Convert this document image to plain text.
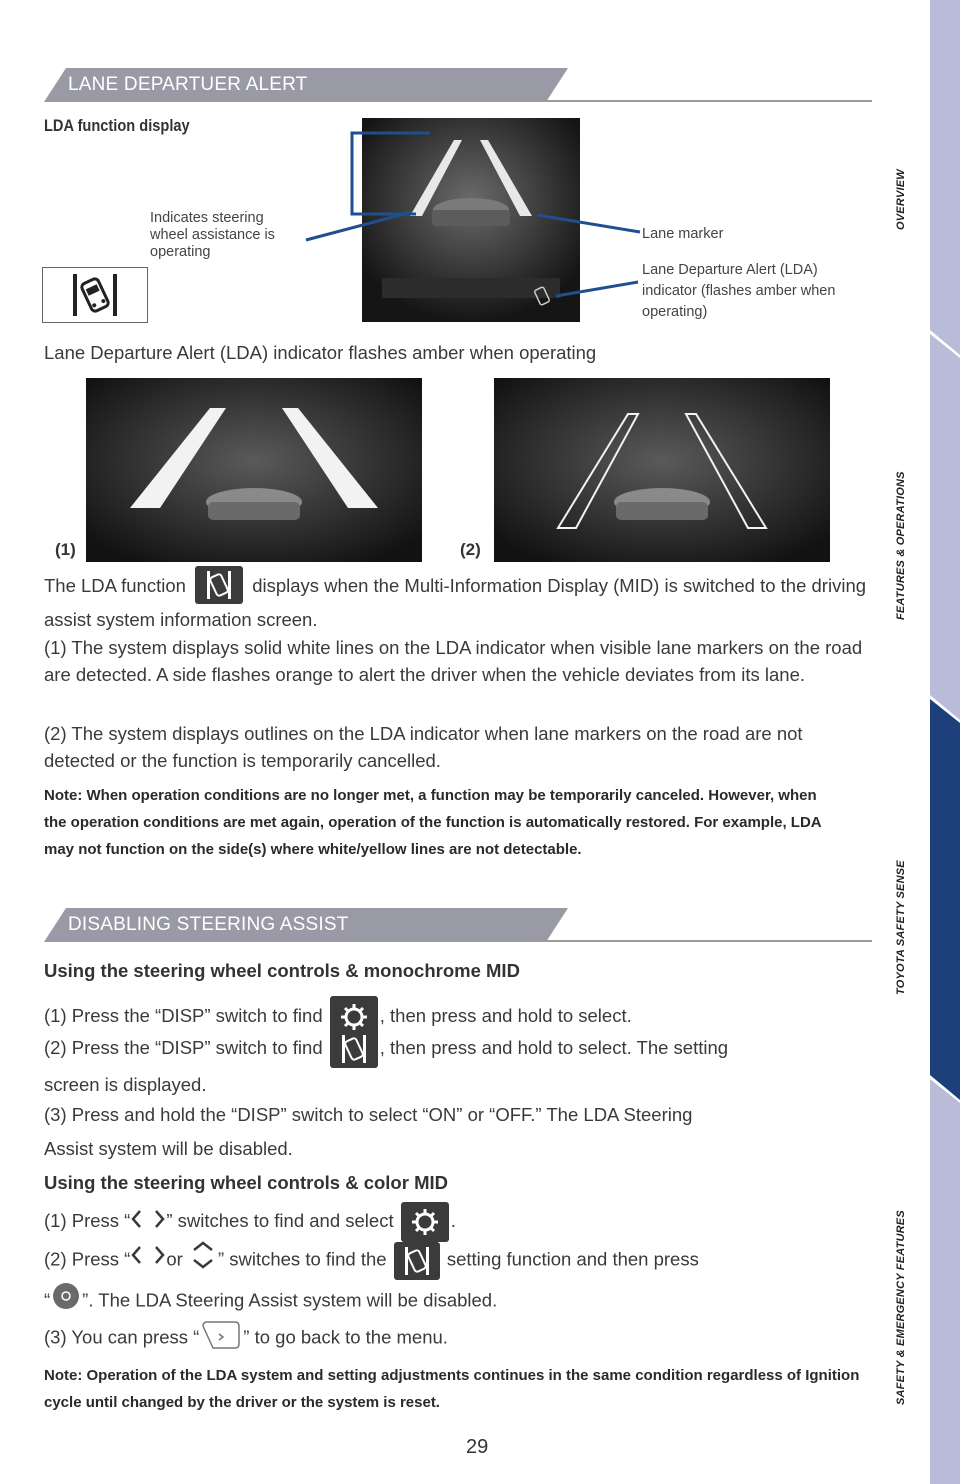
OVERVIEW
FEATURES & OPERATIONS
TOYOTA SAFETY SENSE
SAFETY & EMERGENCY FEATURES
LANE DEPARTUER ALERT
LDA function display
Indicates steering wheel assistance is operating
Lane marker
Lane Departure Alert (LDA) indicator (flashes amber when operating)
Lane Departure Alert (LDA) indicator flashes amber when operating
(1)	(2)
The LDA function	displays when the Multi-Information Display (MID) is switched to the driving assist system information screen.
(1) The system displays solid white lines on the LDA indicator when visible lane markers on the road are detected. A side flashes orange to alert the driver when the vehicle deviates from its lane.
(2) The system displays outlines on the LDA indicator when lane markers on the road are not detected or the function is temporarily cancelled.
Note: When operation conditions are no longer met, a function may be temporarily canceled. However, when the operation conditions are met again, operation of the function is automatically restored. For example, LDA may not function on the side(s) where white/yellow lines are not detectable.
DISABLING STEERING ASSIST
Using the steering wheel controls & monochrome MID
(1) Press the “DISP” switch to find	, then press and hold to select.
(2) Press the “DISP” switch to find	, then press and hold to select. The setting
screen is displayed.
(3) Press and hold the “DISP” switch to select “ON” or “OFF.” The LDA Steering
Assist system will be disabled.
Using the steering wheel controls & color MID
(1) Press “ ” switches to find and select	.
(2) Press “ or ” switches to find the	setting function and then press
“ ”. The LDA Steering Assist system will be disabled.
(3) You can press “ ” to go back to the menu.
Note: Operation of the LDA system and setting adjustments continues in the same condition regardless of Ignition cycle until changed by the driver or the system is reset.
29
